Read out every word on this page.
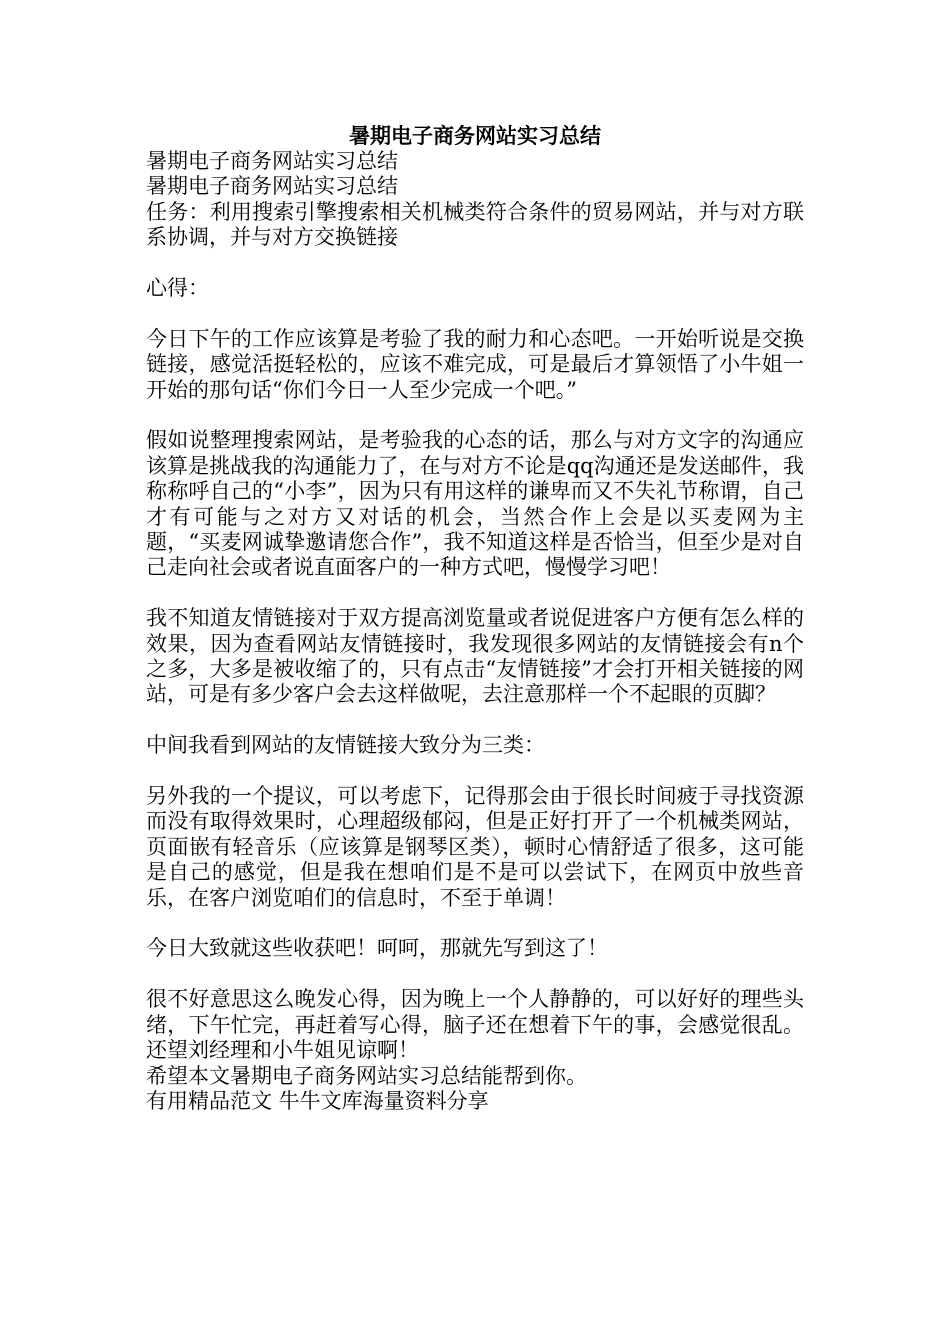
暑期电子商务网站实习总结

暑期电子商务网站实习总结

暑期电子商务网站实习总结

任务：利用搜索引擎搜索相关机械类符合条件的贸易网站，并与对方联系协调，并与对方交换链接

心得：

今日下午的工作应该算是考验了我的耐力和心态吧。一开始听说是交换链接，感觉活挺轻松的，应该不难完成，可是最后才算领悟了小牛姐一开始的那句话“你们今日一人至少完成一个吧。”

假如说整理搜索网站，是考验我的心态的话，那么与对方文字的沟通应该算是挑战我的沟通能力了，在与对方不论是qq沟通还是发送邮件，我称称呼自己的“小李”，因为只有用这样的谦卑而又不失礼节称谓，自己才有可能与之对方又对话的机会，当然合作上会是以买麦网为主题，“买麦网诚挚邀请您合作”，我不知道这样是否恰当，但至少是对自己走向社会或者说直面客户的一种方式吧，慢慢学习吧！

我不知道友情链接对于双方提高浏览量或者说促进客户方便有怎么样的效果，因为查看网站友情链接时，我发现很多网站的友情链接会有n个之多，大多是被收缩了的，只有点击“友情链接”才会打开相关链接的网站，可是有多少客户会去这样做呢，去注意那样一个不起眼的页脚？

中间我看到网站的友情链接大致分为三类：

另外我的一个提议，可以考虑下，记得那会由于很长时间疲于寻找资源而没有取得效果时，心理超级郁闷，但是正好打开了一个机械类网站，页面嵌有轻音乐（应该算是钢琴区类），顿时心情舒适了很多，这可能是自己的感觉，但是我在想咱们是不是可以尝试下，在网页中放些音乐，在客户浏览咱们的信息时，不至于单调！

今日大致就这些收获吧！呵呵，那就先写到这了！

很不好意思这么晚发心得，因为晚上一个人静静的，可以好好的理些头绪，下午忙完，再赶着写心得，脑子还在想着下午的事，会感觉很乱。还望刘经理和小牛姐见谅啊！

希望本文暑期电子商务网站实习总结能帮到你。

有用精品范文 牛牛文库海量资料分享
